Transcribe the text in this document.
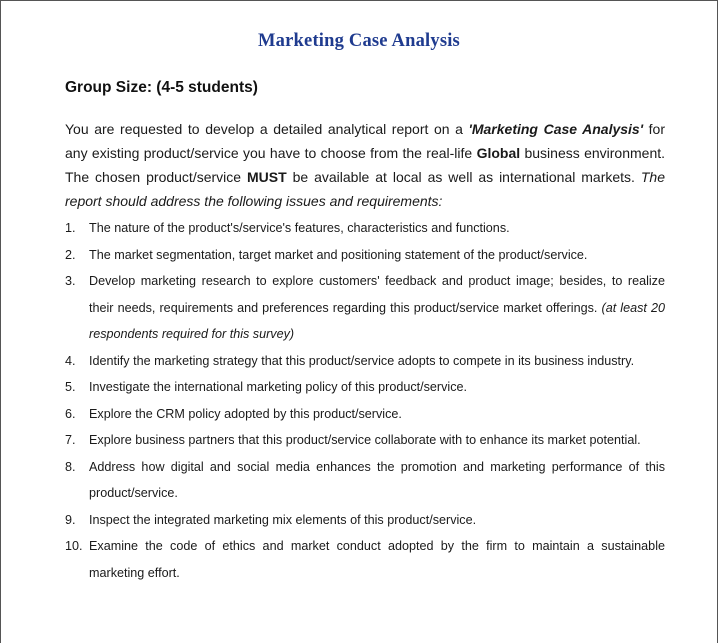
Marketing Case Analysis
Group Size: (4-5 students)

You are requested to develop a detailed analytical report on a 'Marketing Case Analysis' for any existing product/service you have to choose from the real-life Global business environment. The chosen product/service MUST be available at local as well as international markets. The report should address the following issues and requirements:

1.	The nature of the product's/service's features, characteristics and functions.
2.	The market segmentation, target market and positioning statement of the product/service.
3.	Develop marketing research to explore customers' feedback and product image; besides, to realize their needs, requirements and preferences regarding this product/service market offerings. (at least 20 respondents required for this survey)
4.	Identify the marketing strategy that this product/service adopts to compete in its business industry.
5.	Investigate the international marketing policy of this product/service.
6.	Explore the CRM policy adopted by this product/service.
7.	Explore business partners that this product/service collaborate with to enhance its market potential.
8.	Address how digital and social media enhances the promotion and marketing performance of this product/service.
9.	Inspect the integrated marketing mix elements of this product/service.
10. Examine the code of ethics and market conduct adopted by the firm to maintain a sustainable marketing effort.
